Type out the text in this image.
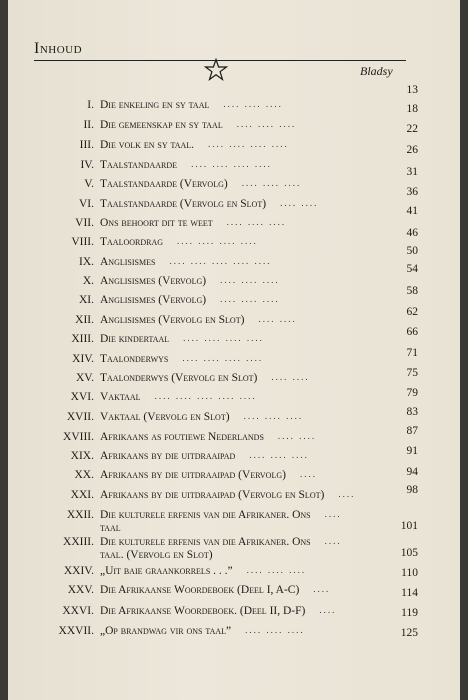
Inhoud
Bladsy
13
I. Die enkeling en sy taal .... .... ....
II. Die gemeenskap en sy taal .... .... ....
III. Die volk en sy taal. .... .... .... ....
IV. Taalstandaarde .... .... .... ....
V. Taalstandaarde (Vervolg) .... .... ....
VI. Taalstandaarde (Vervolg en Slot) .... ....
VII. Ons behoort dit te weet .... .... ....
VIII. Taaloordrag .... .... .... ....
IX. Anglisismes .... .... .... .... ....
X. Anglisismes (Vervolg) .... .... ....
XI. Anglisismes (Vervolg) .... .... ....
XII. Anglisismes (Vervolg en Slot) .... ....
XIII. Die kindertaal .... .... .... ....
XIV. Taalonderwys .... .... .... ....
XV. Taalonderwys (Vervolg en Slot) .... ....
XVI. Vaktaal .... .... .... .... ....
XVII. Vaktaal (Vervolg en Slot) .... .... ....
XVIII. Afrikaans as foutiewe Nederlands .... ....
XIX. Afrikaans by die uitdraaipad .... .... ....
XX. Afrikaans by die uitdraaipad (Vervolg) ....
XXI. Afrikaans by die uitdraaipad (Vervolg en Slot) ....
XXII. Die kulturele erfenis van die Afrikaner. Ons
taal
....
XXIII. Die kulturele erfenis van die Afrikaner. Ons
taal. (Vervolg en Slot)
....
XXIV. „Uit baie graankorrels . . .” .... .... ....
XXV. Die Afrikaanse Woordeboek (Deel I, A-C) ....
XXVI. Die Afrikaanse Woordeboek. (Deel II, D-F) ....
XXVII. „Op brandwag vir ons taal” .... .... ....
18
22
26
31
36
41
46
50
54
58
62
66
71
75
79
83
87
91
94
98
101
105
110
114
119
125
